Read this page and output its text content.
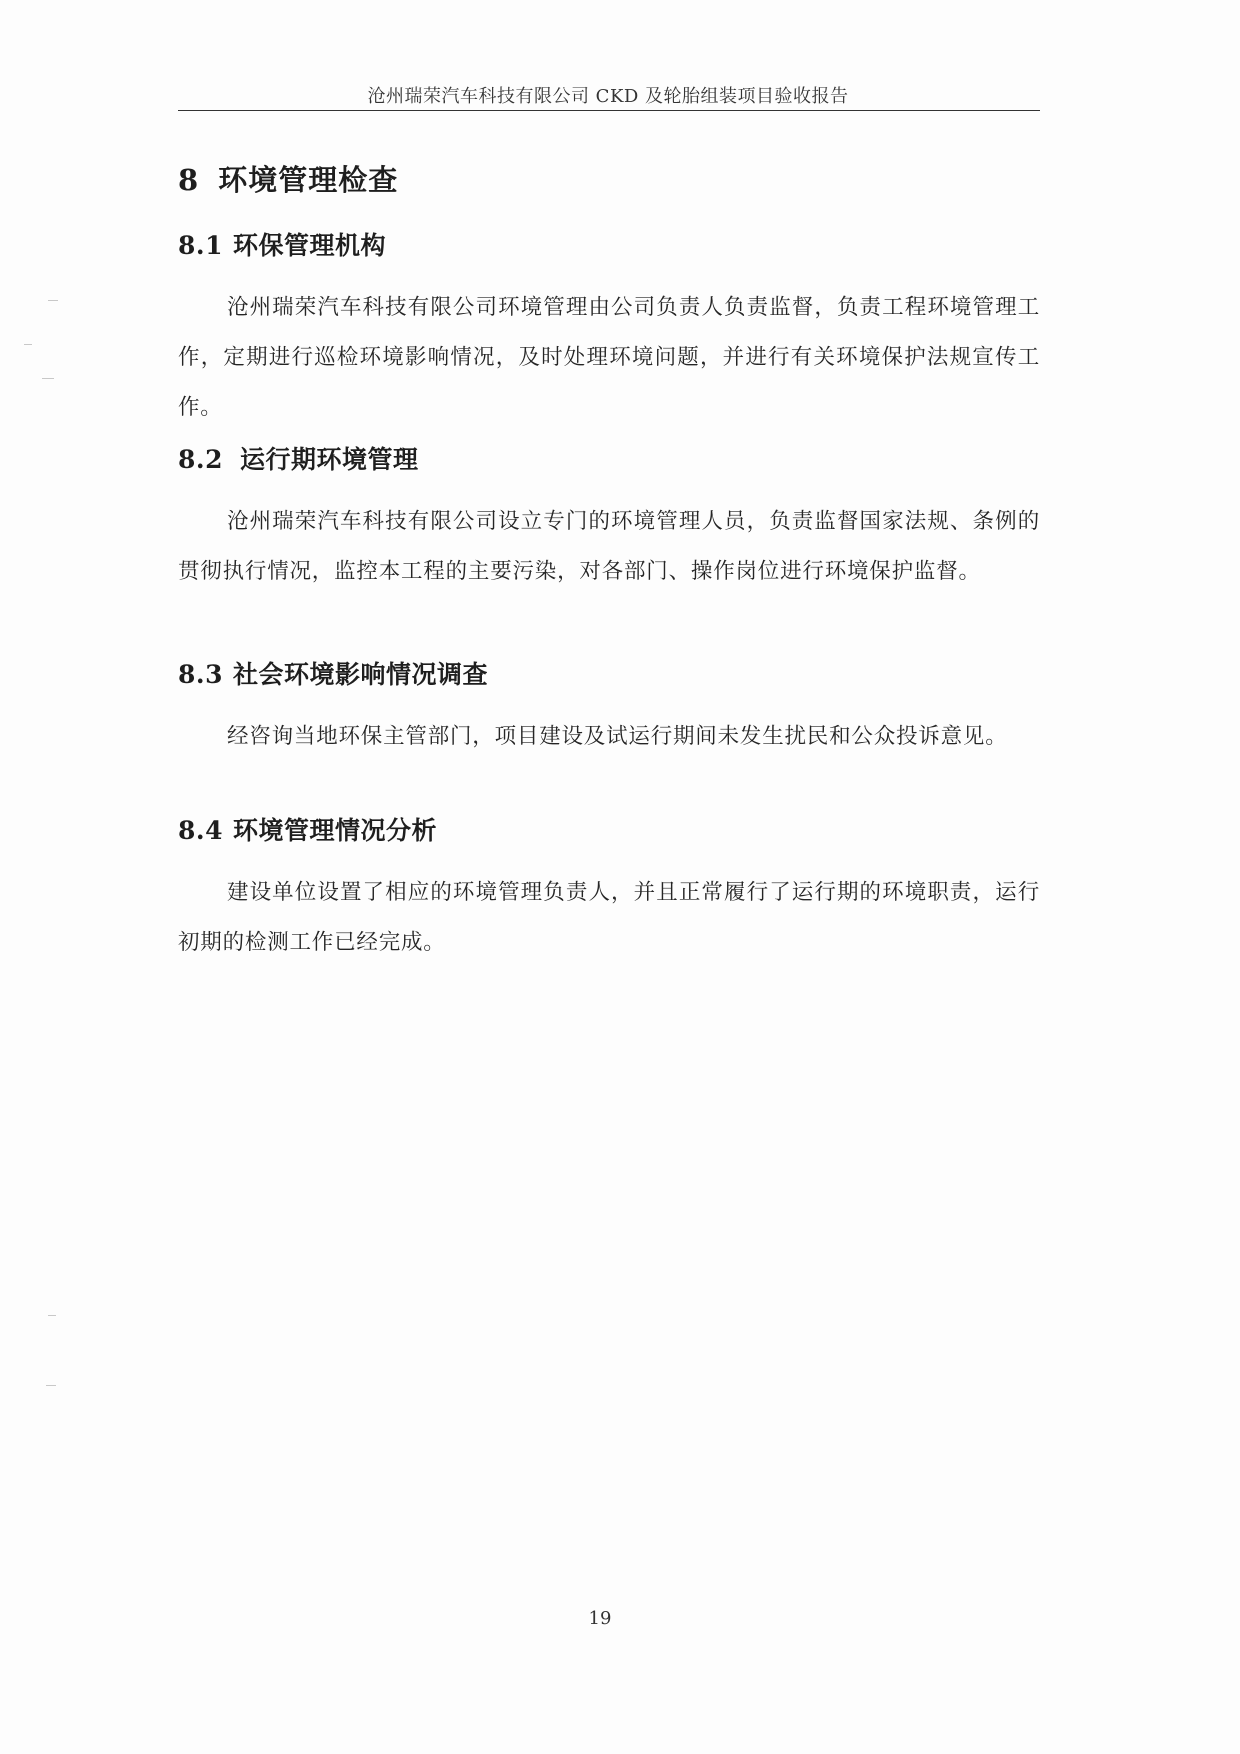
沧州瑞荣汽车科技有限公司 CKD 及轮胎组装项目验收报告
8 环境管理检查
8.1 环保管理机构
沧州瑞荣汽车科技有限公司环境管理由公司负责人负责监督，负责工程环境管理工作，定期进行巡检环境影响情况，及时处理环境问题，并进行有关环境保护法规宣传工作。
8.2 运行期环境管理
沧州瑞荣汽车科技有限公司设立专门的环境管理人员，负责监督国家法规、条例的贯彻执行情况，监控本工程的主要污染，对各部门、操作岗位进行环境保护监督。
8.3 社会环境影响情况调查
经咨询当地环保主管部门，项目建设及试运行期间未发生扰民和公众投诉意见。
8.4 环境管理情况分析
建设单位设置了相应的环境管理负责人，并且正常履行了运行期的环境职责，运行初期的检测工作已经完成。
19
